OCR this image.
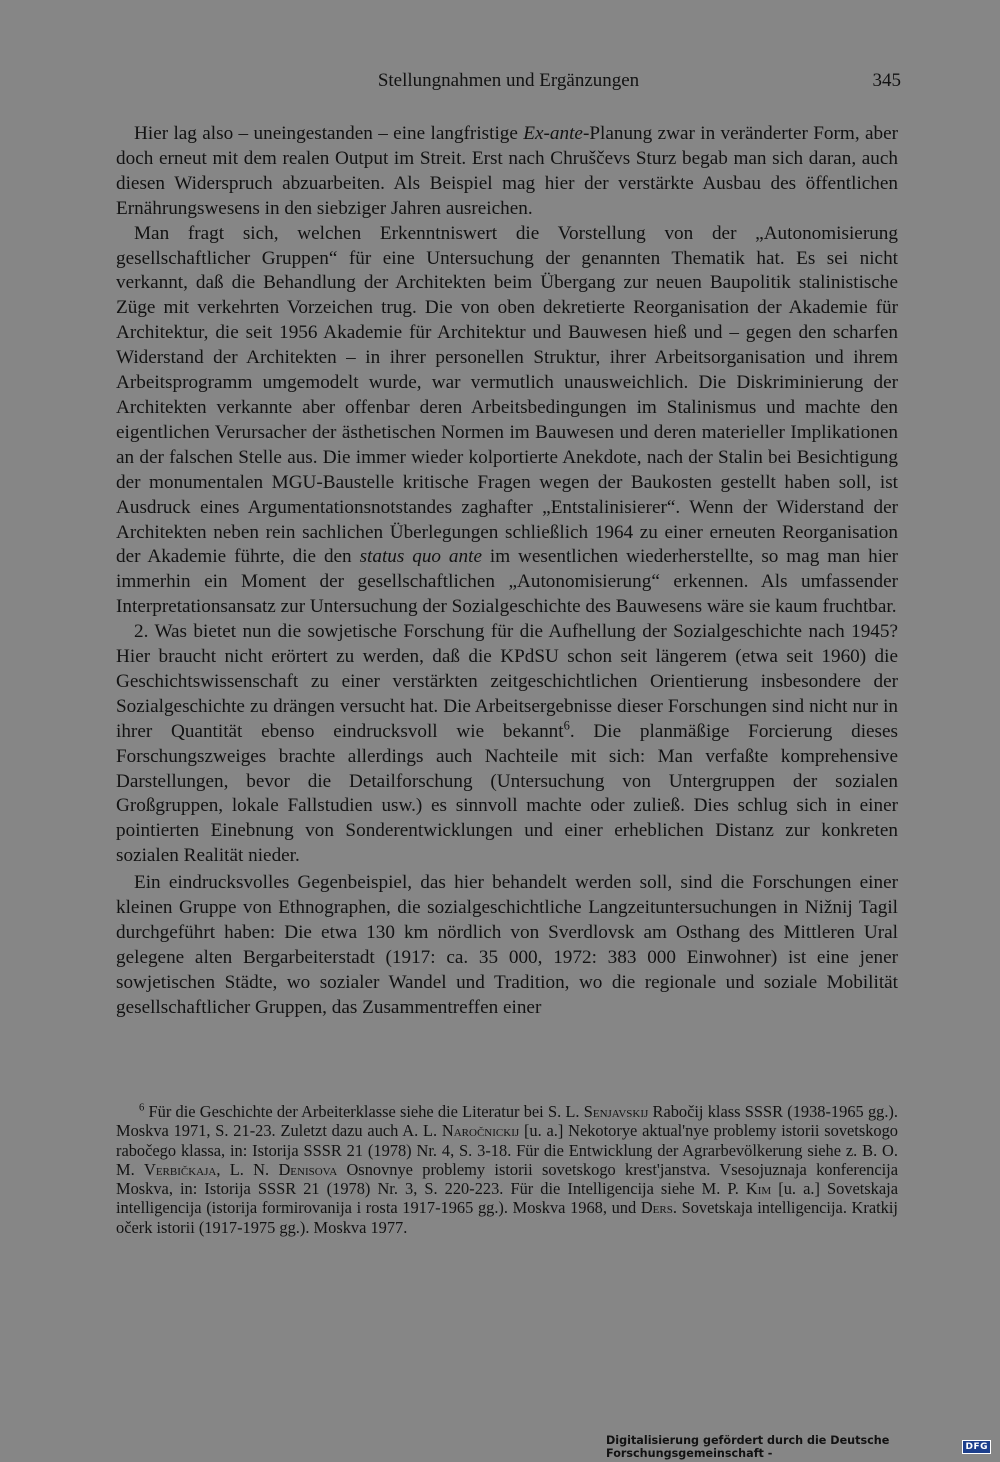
Stellungnahmen und Ergänzungen	345

Hier lag also – uneingestanden – eine langfristige Ex-ante-Planung zwar in veränderter Form, aber doch erneut mit dem realen Output im Streit. Erst nach Chruščevs Sturz begab man sich daran, auch diesen Widerspruch abzuarbeiten. Als Beispiel mag hier der verstärkte Ausbau des öffentlichen Ernährungswesens in den siebziger Jahren ausreichen.

Man fragt sich, welchen Erkenntniswert die Vorstellung von der „Autonomisierung gesellschaftlicher Gruppen“ für eine Untersuchung der genannten Thematik hat. Es sei nicht verkannt, daß die Behandlung der Architekten beim Übergang zur neuen Baupolitik stalinistische Züge mit verkehrten Vorzeichen trug. Die von oben dekretierte Reorganisation der Akademie für Architektur, die seit 1956 Akademie für Architektur und Bauwesen hieß und – gegen den scharfen Widerstand der Architekten – in ihrer personellen Struktur, ihrer Arbeitsorganisation und ihrem Arbeitsprogramm umgemodelt wurde, war vermutlich unausweichlich. Die Diskriminierung der Architekten verkannte aber offenbar deren Arbeitsbedingungen im Stalinismus und machte den eigentlichen Verursacher der ästhetischen Normen im Bauwesen und deren materieller Implikationen an der falschen Stelle aus. Die immer wieder kolportierte Anekdote, nach der Stalin bei Besichtigung der monumentalen MGU-Baustelle kritische Fragen wegen der Baukosten gestellt haben soll, ist Ausdruck eines Argumentationsnotstandes zaghafter „Entstalinisierer“. Wenn der Widerstand der Architekten neben rein sachlichen Überlegungen schließlich 1964 zu einer erneuten Reorganisation der Akademie führte, die den status quo ante im wesentlichen wiederherstellte, so mag man hier immerhin ein Moment der gesellschaftlichen „Autonomisierung“ erkennen. Als umfassender Interpretationsansatz zur Untersuchung der Sozialgeschichte des Bauwesens wäre sie kaum fruchtbar.

2. Was bietet nun die sowjetische Forschung für die Aufhellung der Sozialgeschichte nach 1945? Hier braucht nicht erörtert zu werden, daß die KPdSU schon seit längerem (etwa seit 1960) die Geschichtswissenschaft zu einer verstärkten zeitgeschichtlichen Orientierung insbesondere der Sozialgeschichte zu drängen versucht hat. Die Arbeitsergebnisse dieser Forschungen sind nicht nur in ihrer Quantität ebenso eindrucksvoll wie bekannt$^6$. Die planmäßige Forcierung dieses Forschungszweiges brachte allerdings auch Nachteile mit sich: Man verfaßte komprehensive Darstellungen, bevor die Detailforschung (Untersuchung von Untergruppen der sozialen Großgruppen, lokale Fallstudien usw.) es sinnvoll machte oder zuließ. Dies schlug sich in einer pointierten Einebnung von Sonderentwicklungen und einer erheblichen Distanz zur konkreten sozialen Realität nieder.

Ein eindrucksvolles Gegenbeispiel, das hier behandelt werden soll, sind die Forschungen einer kleinen Gruppe von Ethnographen, die sozialgeschichtliche Langzeituntersuchungen in Nižnij Tagil durchgeführt haben: Die etwa 130 km nördlich von Sverdlovsk am Osthang des Mittleren Ural gelegene alten Bergarbeiterstadt (1917: ca. 35 000, 1972: 383 000 Einwohner) ist eine jener sowjetischen Städte, wo sozialer Wandel und Tradition, wo die regionale und soziale Mobilität gesellschaftlicher Gruppen, das Zusammentreffen einer

$^6$ Für die Geschichte der Arbeiterklasse siehe die Literatur bei S. L. Senjavskij Rabočij klass SSSR (1938-1965 gg.). Moskva 1971, S. 21-23. Zuletzt dazu auch A. L. Naročnickij [u. a.] Nekotorye aktual'nye problemy istorii sovetskogo rabočego klassa, in: Istorija SSSR 21 (1978) Nr. 4, S. 3-18. Für die Entwicklung der Agrarbevölkerung siehe z. B. O. M. Verbičkaja, L. N. Denisova Osnovnye problemy istorii sovetskogo krest'janstva. Vsesojuznaja konferencija Moskva, in: Istorija SSSR 21 (1978) Nr. 3, S. 220-223. Für die Intelligencija siehe M. P. Kim [u. a.] Sovetskaja intelligencija (istorija formirovanija i rosta 1917-1965 gg.). Moskva 1968, und Ders. Sovetskaja intelligencija. Kratkij očerk istorii (1917-1975 gg.). Moskva 1977.

Digitalisierung gefördert durch die Deutsche Forschungsgemeinschaft -	DFG
